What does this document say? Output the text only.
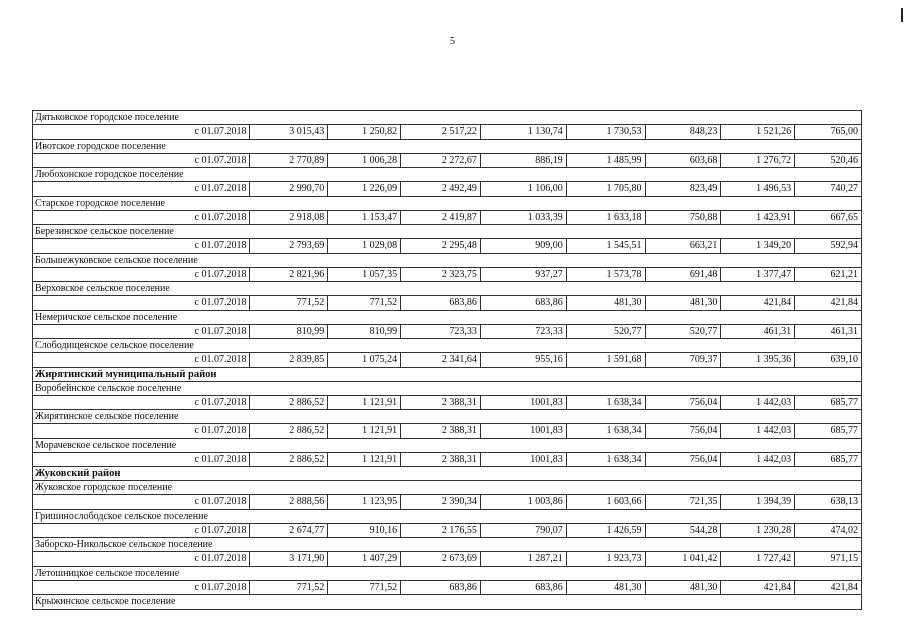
5
Дятьковское городское поселение
с 01.07.2018	3 015,43	1 250,82	2 517,22	1 130,74	1 730,53	848,23	1 521,26	765,00
Ивотское городское поселение
с 01.07.2018	2 770,89	1 006,28	2 272,67	886,19	1 485,99	603,68	1 276,72	520,46
Любохонское городское поселение
с 01.07.2018	2 990,70	1 226,09	2 492,49	1 106,00	1 705,80	823,49	1 496,53	740,27
Старское городское поселение
с 01.07.2018	2 918,08	1 153,47	2 419,87	1 033,39	1 633,18	750,88	1 423,91	667,65
Березинское сельское поселение
с 01.07.2018	2 793,69	1 029,08	2 295,48	909,00	1 545,51	663,21	1 349,20	592,94
Большежуковское сельское поселение
с 01.07.2018	2 821,96	1 057,35	2 323,75	937,27	1 573,78	691,48	1 377,47	621,21
Верховское сельское поселение
с 01.07.2018	771,52	771,52	683,86	683,86	481,30	481,30	421,84	421,84
Немеричское сельское поселение
с 01.07.2018	810,99	810,99	723,33	723,33	520,77	520,77	461,31	461,31
Слободищенское сельское поселение
с 01.07.2018	2 839,85	1 075,24	2 341,64	955,16	1 591,68	709,37	1 395,36	639,10
Жирятинский муниципальный район
Воробейнское сельское поселение
с 01.07.2018	2 886,52	1 121,91	2 388,31	1001,83	1 638,34	756,04	1 442,03	685,77
Жирятинское сельское поселение
с 01.07.2018	2 886,52	1 121,91	2 388,31	1001,83	1 638,34	756,04	1 442,03	685,77
Морачевское сельское поселение
с 01.07.2018	2 886,52	1 121,91	2 388,31	1001,83	1 638,34	756,04	1 442,03	685,77
Жуковский район
Жуковское городское поселение
с 01.07.2018	2 888,56	1 123,95	2 390,34	1 003,86	1 603,66	721,35	1 394,39	638,13
Гришинослободское сельское поселение
с 01.07.2018	2 674,77	910,16	2 176,55	790,07	1 426,59	544,28	1 230,28	474,02
Заборско-Никольское сельское поселение
с 01.07.2018	3 171,90	1 407,29	2 673,69	1 287,21	1 923,73	1 041,42	1 727,42	971,15
Летошницкое сельское поселение
с 01.07.2018	771,52	771,52	683,86	683,86	481,30	481,30	421,84	421,84
Крыжинское сельское поселение
